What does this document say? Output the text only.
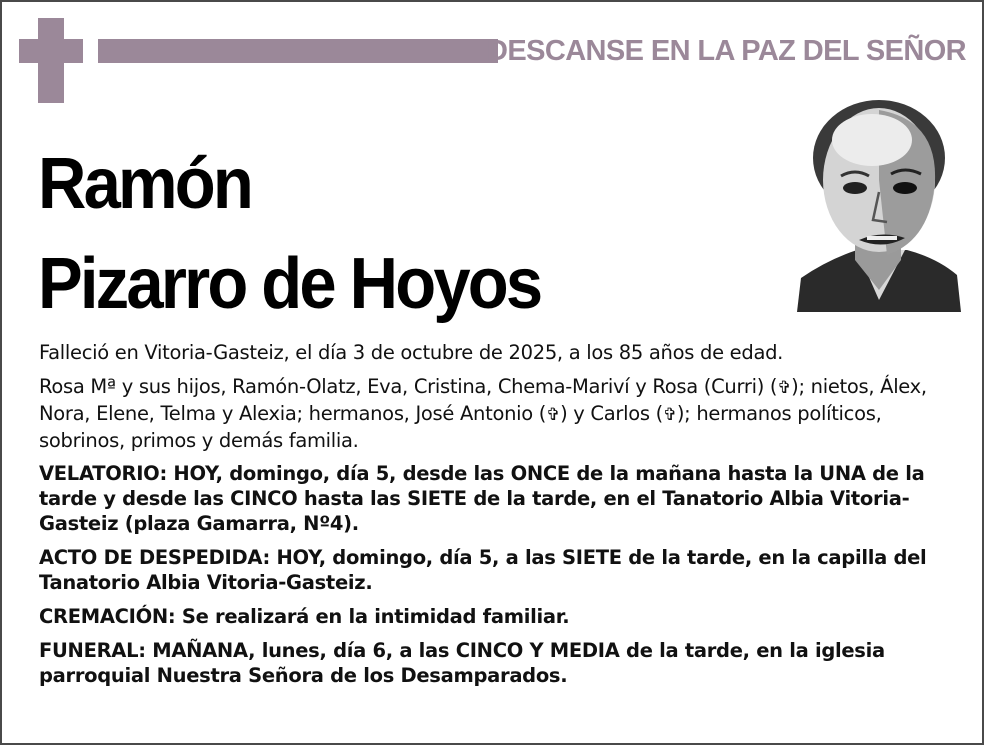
DESCANSE EN LA PAZ DEL SEÑOR
Ramón
Pizarro de Hoyos

Falleció en Vitoria-Gasteiz, el día 3 de octubre de 2025, a los 85 años de edad.

Rosa Mª y sus hijos, Ramón-Olatz, Eva, Cristina, Chema-Mariví y Rosa (Curri) (✞); nietos, Álex, Nora, Elene, Telma y Alexia; hermanos, José Antonio (✞) y Carlos (✞); hermanos políticos, sobrinos, primos y demás familia.

VELATORIO: HOY, domingo, día 5, desde las ONCE de la mañana hasta la UNA de la tarde y desde las CINCO hasta las SIETE de la tarde, en el Tanatorio Albia Vitoria-Gasteiz (plaza Gamarra, Nº4).

ACTO DE DESPEDIDA: HOY, domingo, día 5, a las SIETE de la tarde, en la capilla del Tanatorio Albia Vitoria-Gasteiz.

CREMACIÓN: Se realizará en la intimidad familiar.

FUNERAL: MAÑANA, lunes, día 6, a las CINCO Y MEDIA de la tarde, en la iglesia parroquial Nuestra Señora de los Desamparados.
